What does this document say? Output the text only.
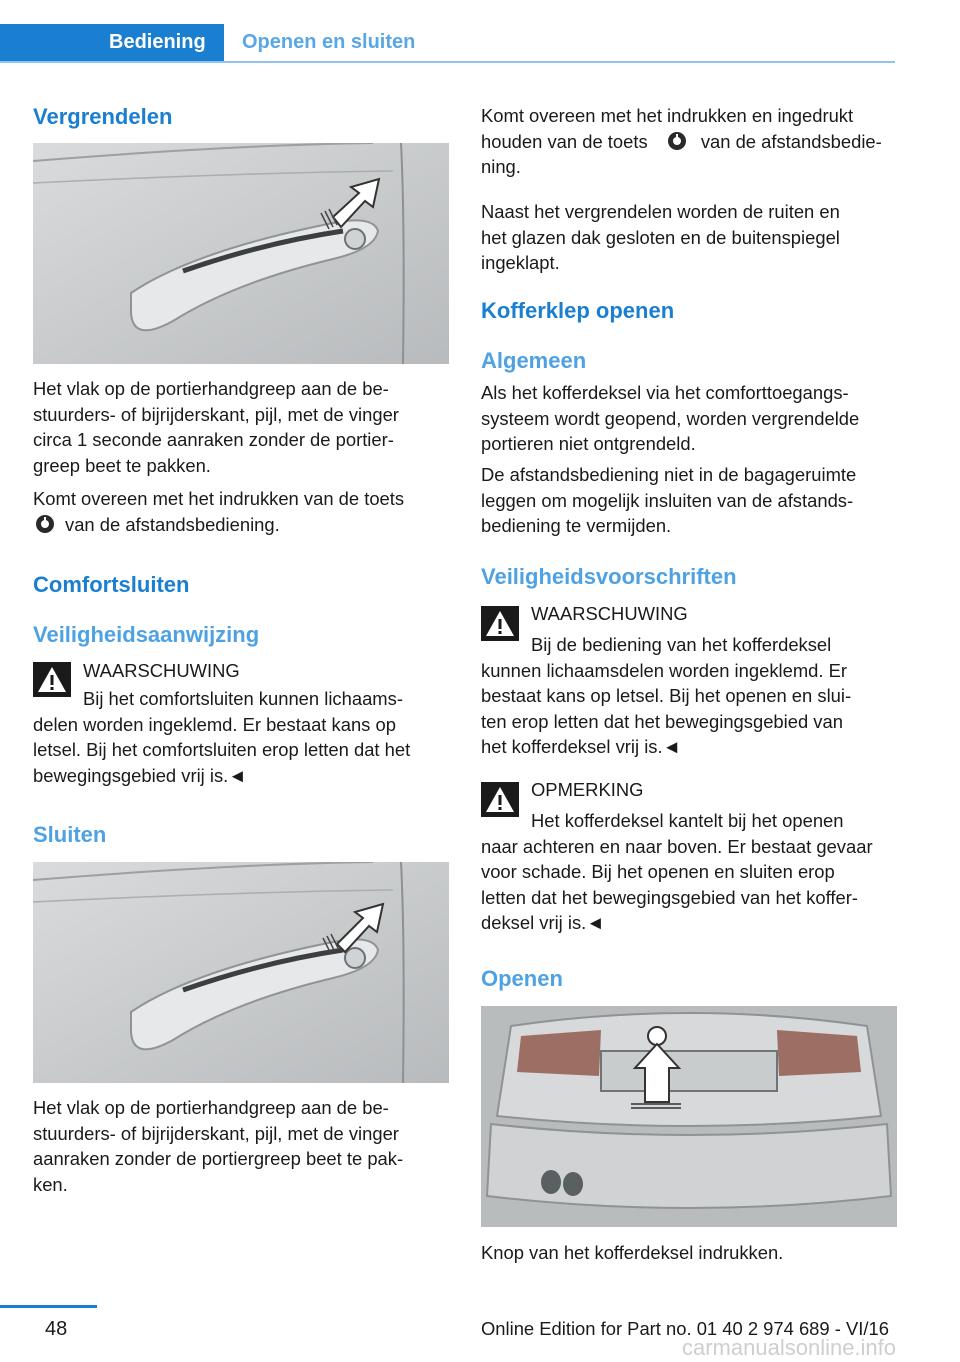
Bediening	Openen en sluiten
Vergrendelen
Het vlak op de portierhandgreep aan de be‐
stuurders- of bijrijderskant, pijl, met de vinger
circa 1 seconde aanraken zonder de portier‐
greep beet te pakken.
Komt overeen met het indrukken van de toets
van de afstandsbediening.
Comfortsluiten
Veiligheidsaanwijzing
WAARSCHUWING
Bij het comfortsluiten kunnen lichaams‐
delen worden ingeklemd. Er bestaat kans op
letsel. Bij het comfortsluiten erop letten dat het
bewegingsgebied vrij is.◄
Sluiten
Het vlak op de portierhandgreep aan de be‐
stuurders- of bijrijderskant, pijl, met de vinger
aanraken zonder de portiergreep beet te pak‐
ken.
Komt overeen met het indrukken en ingedrukt
houden van de toets	van de afstandsbedie‐
ning.
Naast het vergrendelen worden de ruiten en
het glazen dak gesloten en de buitenspiegel
ingeklapt.
Kofferklep openen
Algemeen
Als het kofferdeksel via het comforttoegangs‐
systeem wordt geopend, worden vergrendelde
portieren niet ontgrendeld.
De afstandsbediening niet in de bagageruimte
leggen om mogelijk insluiten van de afstands‐
bediening te vermijden.
Veiligheidsvoorschriften
WAARSCHUWING
Bij de bediening van het kofferdeksel
kunnen lichaamsdelen worden ingeklemd. Er
bestaat kans op letsel. Bij het openen en slui‐
ten erop letten dat het bewegingsgebied van
het kofferdeksel vrij is.◄
OPMERKING
Het kofferdeksel kantelt bij het openen
naar achteren en naar boven. Er bestaat gevaar
voor schade. Bij het openen en sluiten erop
letten dat het bewegingsgebied van het koffer‐
deksel vrij is.◄
Openen
Knop van het kofferdeksel indrukken.
48	Online Edition for Part no. 01 40 2 974 689 - VI/16
carmanualsonline.info
